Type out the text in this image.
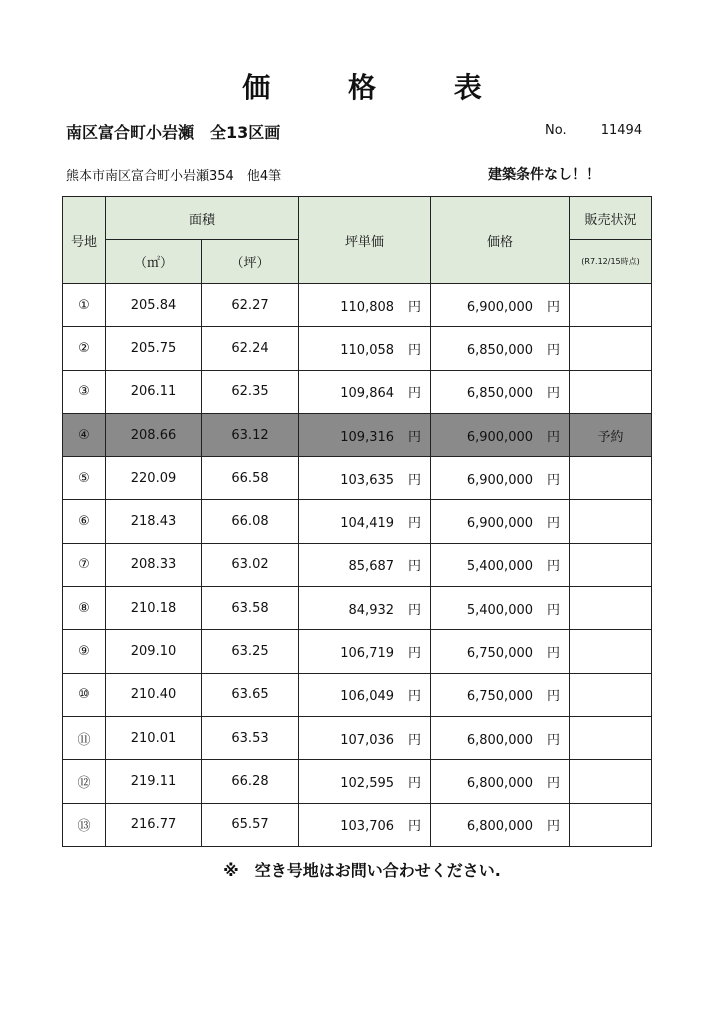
価 格 表
南区富合町小岩瀬　全13区画	No.	11494
熊本市南区富合町小岩瀬354　他4筆	建築条件なし！！
号地	面積		坪単価	価格	販売状況
	（㎡）	（坪）			(R7.12/15時点)
①	205.84	62.27	110,808 円	6,900,000 円	
②	205.75	62.24	110,058 円	6,850,000 円	
③	206.11	62.35	109,864 円	6,850,000 円	
④	208.66	63.12	109,316 円	6,900,000 円	予約
⑤	220.09	66.58	103,635 円	6,900,000 円	
⑥	218.43	66.08	104,419 円	6,900,000 円	
⑦	208.33	63.02	85,687 円	5,400,000 円	
⑧	210.18	63.58	84,932 円	5,400,000 円	
⑨	209.10	63.25	106,719 円	6,750,000 円	
⑩	210.40	63.65	106,049 円	6,750,000 円	
⑪	210.01	63.53	107,036 円	6,800,000 円	
⑫	219.11	66.28	102,595 円	6,800,000 円	
⑬	216.77	65.57	103,706 円	6,800,000 円	
※　空き号地はお問い合わせください.
